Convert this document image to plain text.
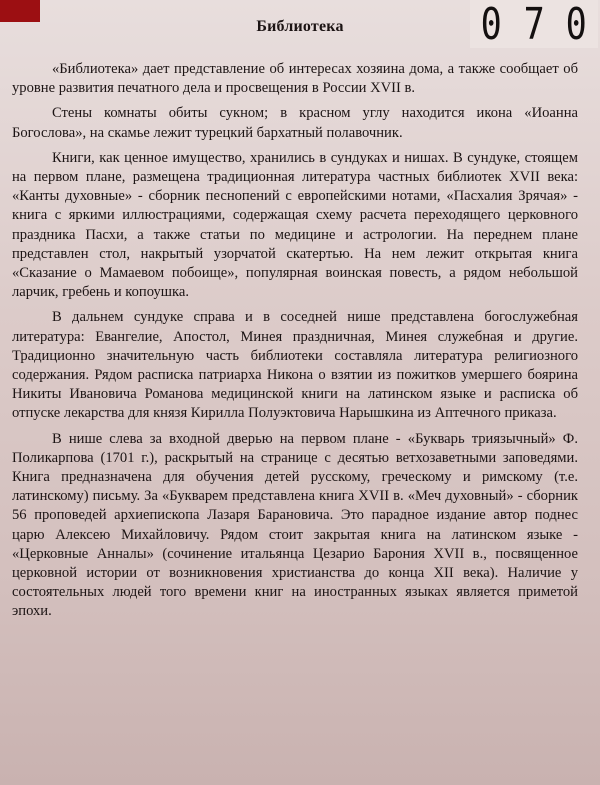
Библиотека	0 7 0

«Библиотека» дает представление об интересах хозяина дома, а также сообщает об уровне развития печатного дела и просвещения в России XVII в.

Стены комнаты обиты сукном; в красном углу находится икона «Иоанна Богослова», на скамье лежит турецкий бархатный полавочник.

Книги, как ценное имущество, хранились в сундуках и нишах. В сундуке, стоящем на первом плане, размещена традиционная литература частных библиотек XVII века: «Канты духовные» - сборник песнопений с европейскими нотами, «Пасхалия Зрячая» - книга с яркими иллюстрациями, содержащая схему расчета переходящего церковного праздника Пасхи, а также статьи по медицине и астрологии. На переднем плане представлен стол, накрытый узорчатой скатертью. На нем лежит открытая книга «Сказание о Мамаевом побоище», популярная воинская повесть, а рядом небольшой ларчик, гребень и копоушка.

В дальнем сундуке справа и в соседней нише представлена богослужебная литература: Евангелие, Апостол, Минея праздничная, Минея служебная и другие. Традиционно значительную часть библиотеки составляла литература религиозного содержания. Рядом расписка патриарха Никона о взятии из пожитков умершего боярина Никиты Ивановича Романова медицинской книги на латинском языке и расписка об отпуске лекарства для князя Кирилла Полуэктовича Нарышкина из Аптечного приказа.

В нише слева за входной дверью на первом плане - «Букварь триязычный» Ф. Поликарпова (1701 г.), раскрытый на странице с десятью ветхозаветными заповедями. Книга предназначена для обучения детей русскому, греческому и римскому (т.е. латинскому) письму. За «Букварем представлена книга XVII в. «Меч духовный» - сборник 56 проповедей архиепископа Лазаря Барановича. Это парадное издание автор поднес царю Алексею Михайловичу. Рядом стоит закрытая книга на латинском языке - «Церковные Анналы» (сочинение итальянца Цезарио Барония XVII в., посвященное церковной истории от возникновения христианства до конца XII века). Наличие у состоятельных людей того времени книг на иностранных языках является приметой эпохи.
